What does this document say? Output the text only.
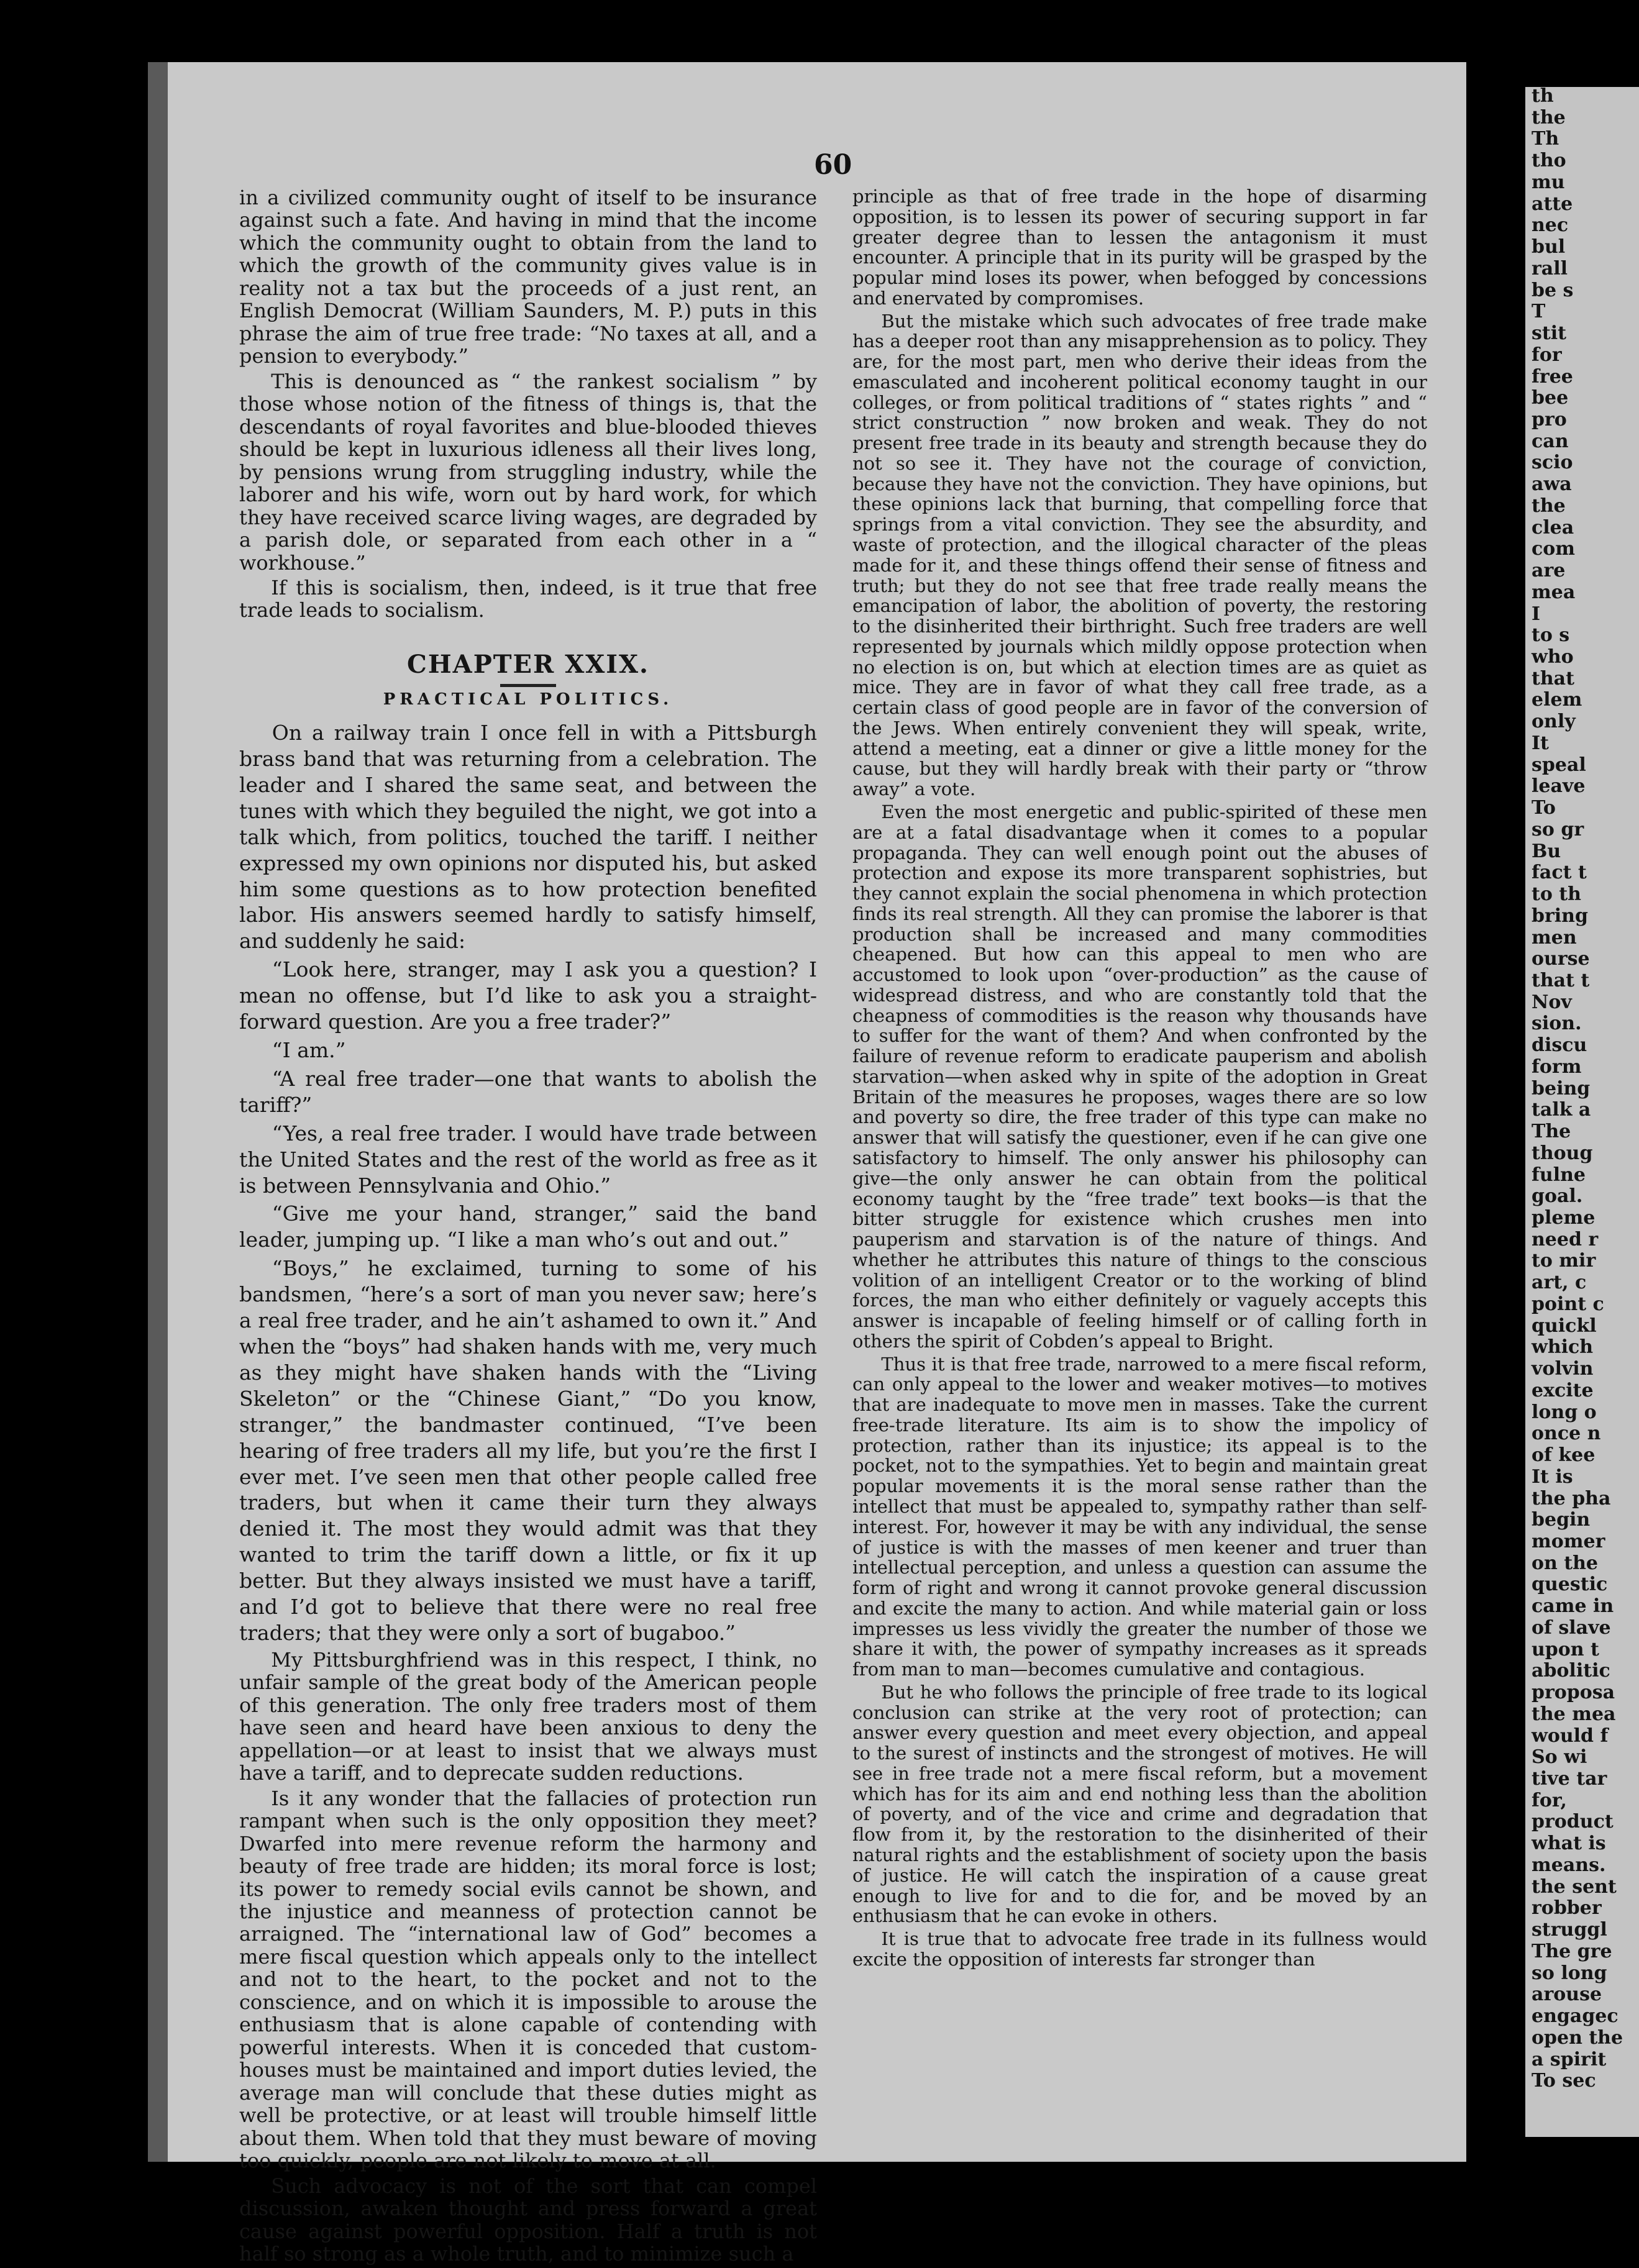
60

in a civilized community ought of itself to be insurance against such a fate. And having in mind that the income which the community ought to obtain from the land to which the growth of the community gives value is in reality not a tax but the proceeds of a just rent, an English Democrat (William Saunders, M. P.) puts in this phrase the aim of true free trade: “No taxes at all, and a pension to everybody.”

This is denounced as “ the rankest socialism ” by those whose notion of the fitness of things is, that the descendants of royal favorites and blue-blooded thieves should be kept in luxurious idleness all their lives long, by pensions wrung from struggling industry, while the laborer and his wife, worn out by hard work, for which they have received scarce living wages, are degraded by a parish dole, or separated from each other in a “ workhouse.”

If this is socialism, then, indeed, is it true that free trade leads to socialism.

CHAPTER XXIX.
PRACTICAL POLITICS.

On a railway train I once fell in with a Pittsburgh brass band that was returning from a celebration. The leader and I shared the same seat, and between the tunes with which they beguiled the night, we got into a talk which, from politics, touched the tariff. I neither expressed my own opinions nor disputed his, but asked him some questions as to how protection benefited labor. His answers seemed hardly to satisfy himself, and suddenly he said:

“Look here, stranger, may I ask you a question? I mean no offense, but I’d like to ask you a straight-forward question. Are you a free trader?”

“I am.”

“A real free trader—one that wants to abolish the tariff?”

“Yes, a real free trader. I would have trade between the United States and the rest of the world as free as it is between Pennsylvania and Ohio.”

“Give me your hand, stranger,” said the band leader, jumping up. “I like a man who’s out and out.”

“Boys,” he exclaimed, turning to some of his bandsmen, “here’s a sort of man you never saw; here’s a real free trader, and he ain’t ashamed to own it.” And when the “boys” had shaken hands with me, very much as they might have shaken hands with the “Living Skeleton” or the “Chinese Giant,” “Do you know, stranger,” the bandmaster continued, “I’ve been hearing of free traders all my life, but you’re the first I ever met. I’ve seen men that other people called free traders, but when it came their turn they always denied it. The most they would admit was that they wanted to trim the tariff down a little, or fix it up better. But they always insisted we must have a tariff, and I’d got to believe that there were no real free traders; that they were only a sort of bugaboo.”

My Pittsburghfriend was in this respect, I think, no unfair sample of the great body of the American people of this generation. The only free traders most of them have seen and heard have been anxious to deny the appellation—or at least to insist that we always must have a tariff, and to deprecate sudden reductions.

Is it any wonder that the fallacies of protection run rampant when such is the only opposition they meet? Dwarfed into mere revenue reform the harmony and beauty of free trade are hidden; its moral force is lost; its power to remedy social evils cannot be shown, and the injustice and meanness of protection cannot be arraigned. The “international law of God” becomes a mere fiscal question which appeals only to the intellect and not to the heart, to the pocket and not to the conscience, and on which it is impossible to arouse the enthusiasm that is alone capable of contending with powerful interests. When it is conceded that custom-houses must be maintained and import duties levied, the average man will conclude that these duties might as well be protective, or at least will trouble himself little about them. When told that they must beware of moving too quickly, people are not likely to move at all.

Such advocacy is not of the sort that can compel discussion, awaken thought and press forward a great cause against powerful opposition. Half a truth is not half so strong as a whole truth, and to minimize such a

principle as that of free trade in the hope of disarming opposition, is to lessen its power of securing support in far greater degree than to lessen the antagonism it must encounter. A principle that in its purity will be grasped by the popular mind loses its power, when befogged by concessions and enervated by compromises.

But the mistake which such advocates of free trade make has a deeper root than any misapprehension as to policy. They are, for the most part, men who derive their ideas from the emasculated and incoherent political economy taught in our colleges, or from political traditions of “ states rights ” and “ strict construction ” now broken and weak. They do not present free trade in its beauty and strength because they do not so see it. They have not the courage of conviction, because they have not the conviction. They have opinions, but these opinions lack that burning, that compelling force that springs from a vital conviction. They see the absurdity, and waste of protection, and the illogical character of the pleas made for it, and these things offend their sense of fitness and truth; but they do not see that free trade really means the emancipation of labor, the abolition of poverty, the restoring to the disinherited their birthright. Such free traders are well represented by journals which mildly oppose protection when no election is on, but which at election times are as quiet as mice. They are in favor of what they call free trade, as a certain class of good people are in favor of the conversion of the Jews. When entirely convenient they will speak, write, attend a meeting, eat a dinner or give a little money for the cause, but they will hardly break with their party or “throw away” a vote.

Even the most energetic and public-spirited of these men are at a fatal disadvantage when it comes to a popular propaganda. They can well enough point out the abuses of protection and expose its more transparent sophistries, but they cannot explain the social phenomena in which protection finds its real strength. All they can promise the laborer is that production shall be increased and many commodities cheapened. But how can this appeal to men who are accustomed to look upon “over-production” as the cause of widespread distress, and who are constantly told that the cheapness of commodities is the reason why thousands have to suffer for the want of them? And when confronted by the failure of revenue reform to eradicate pauperism and abolish starvation—when asked why in spite of the adoption in Great Britain of the measures he proposes, wages there are so low and poverty so dire, the free trader of this type can make no answer that will satisfy the questioner, even if he can give one satisfactory to himself. The only answer his philosophy can give—the only answer he can obtain from the political economy taught by the “free trade” text books—is that the bitter struggle for existence which crushes men into pauperism and starvation is of the nature of things. And whether he attributes this nature of things to the conscious volition of an intelligent Creator or to the working of blind forces, the man who either definitely or vaguely accepts this answer is incapable of feeling himself or of calling forth in others the spirit of Cobden’s appeal to Bright.

Thus it is that free trade, narrowed to a mere fiscal reform, can only appeal to the lower and weaker motives—to motives that are inadequate to move men in masses. Take the current free-trade literature. Its aim is to show the impolicy of protection, rather than its injustice; its appeal is to the pocket, not to the sympathies. Yet to begin and maintain great popular movements it is the moral sense rather than the intellect that must be appealed to, sympathy rather than self-interest. For, however it may be with any individual, the sense of justice is with the masses of men keener and truer than intellectual perception, and unless a question can assume the form of right and wrong it cannot provoke general discussion and excite the many to action. And while material gain or loss impresses us less vividly the greater the number of those we share it with, the power of sympathy increases as it spreads from man to man—becomes cumulative and contagious.

But he who follows the principle of free trade to its logical conclusion can strike at the very root of protection; can answer every question and meet every objection, and appeal to the surest of instincts and the strongest of motives. He will see in free trade not a mere fiscal reform, but a movement which has for its aim and end nothing less than the abolition of poverty, and of the vice and crime and degradation that flow from it, by the restoration to the disinherited of their natural rights and the establishment of society upon the basis of justice. He will catch the inspiration of a cause great enough to live for and to die for, and be moved by an enthusiasm that he can evoke in others.

It is true that to advocate free trade in its fullness would excite the opposition of interests far stronger than

th
the
Th
tho
mu
atte
nec
bul
rall
be s
T
stit
for
free
bee
pro
can
scio
awa
the
clea
com
are
mea
I
to s
who
that
elem
only
It
speal
leave
To
so gr
Bu
fact t
to th
bring
men
ourse
that t
Nov
sion.
discu
form
being
talk a
The
thoug
fulne
goal.
pleme
need r
to mir
art, c
point c
quickl
which
volvin
excite
long o
once n
of kee
It is
the pha
begin
momer
on the
questic
came in
of slave
upon t
abolitic
proposa
the mea
would f
So wi
tive tar
for,
product
what is
means.
the sent
robber
struggl
The gre
so long
arouse
engagec
open the
a spirit
To sec
